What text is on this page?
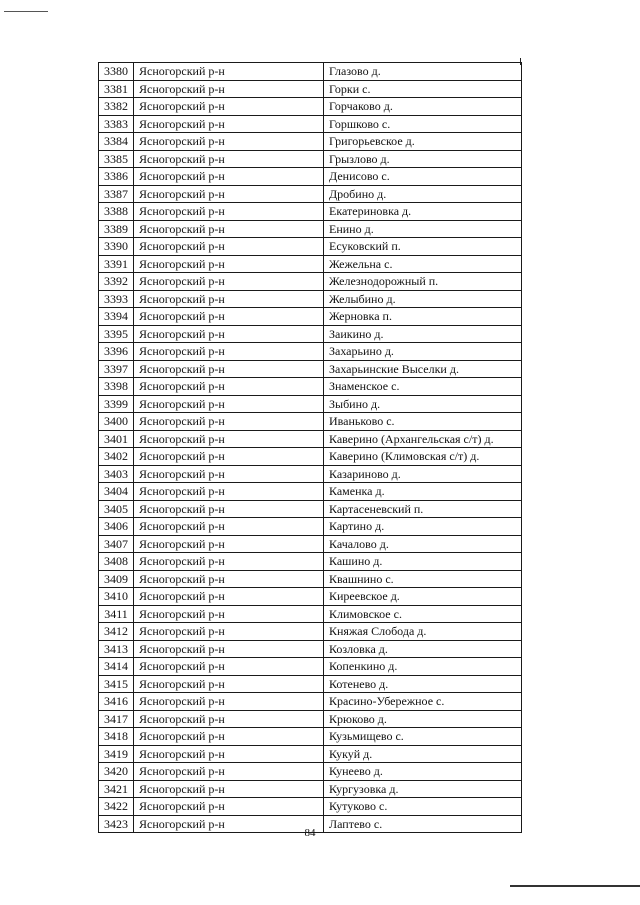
3380	Ясногорский р-н	Глазово д.
3381	Ясногорский р-н	Горки с.
3382	Ясногорский р-н	Горчаково д.
3383	Ясногорский р-н	Горшково с.
3384	Ясногорский р-н	Григорьевское д.
3385	Ясногорский р-н	Грызлово д.
3386	Ясногорский р-н	Денисово с.
3387	Ясногорский р-н	Дробино д.
3388	Ясногорский р-н	Екатериновка д.
3389	Ясногорский р-н	Енино д.
3390	Ясногорский р-н	Есуковский п.
3391	Ясногорский р-н	Жежельна с.
3392	Ясногорский р-н	Железнодорожный п.
3393	Ясногорский р-н	Желыбино д.
3394	Ясногорский р-н	Жерновка п.
3395	Ясногорский р-н	Заикино д.
3396	Ясногорский р-н	Захарьино д.
3397	Ясногорский р-н	Захарьинские Выселки д.
3398	Ясногорский р-н	Знаменское с.
3399	Ясногорский р-н	Зыбино д.
3400	Ясногорский р-н	Иваньково с.
3401	Ясногорский р-н	Каверино (Архангельская с/т) д.
3402	Ясногорский р-н	Каверино (Климовская с/т) д.
3403	Ясногорский р-н	Казариново д.
3404	Ясногорский р-н	Каменка д.
3405	Ясногорский р-н	Картасеневский п.
3406	Ясногорский р-н	Картино д.
3407	Ясногорский р-н	Качалово д.
3408	Ясногорский р-н	Кашино д.
3409	Ясногорский р-н	Квашнино с.
3410	Ясногорский р-н	Киреевское д.
3411	Ясногорский р-н	Климовское с.
3412	Ясногорский р-н	Княжая Слобода д.
3413	Ясногорский р-н	Козловка д.
3414	Ясногорский р-н	Копенкино д.
3415	Ясногорский р-н	Котенево д.
3416	Ясногорский р-н	Красино-Убережное с.
3417	Ясногорский р-н	Крюково д.
3418	Ясногорский р-н	Кузьмищево с.
3419	Ясногорский р-н	Кукуй д.
3420	Ясногорский р-н	Кунеево д.
3421	Ясногорский р-н	Кургузовка д.
3422	Ясногорский р-н	Кутуково с.
3423	Ясногорский р-н	Лаптево с.
84
